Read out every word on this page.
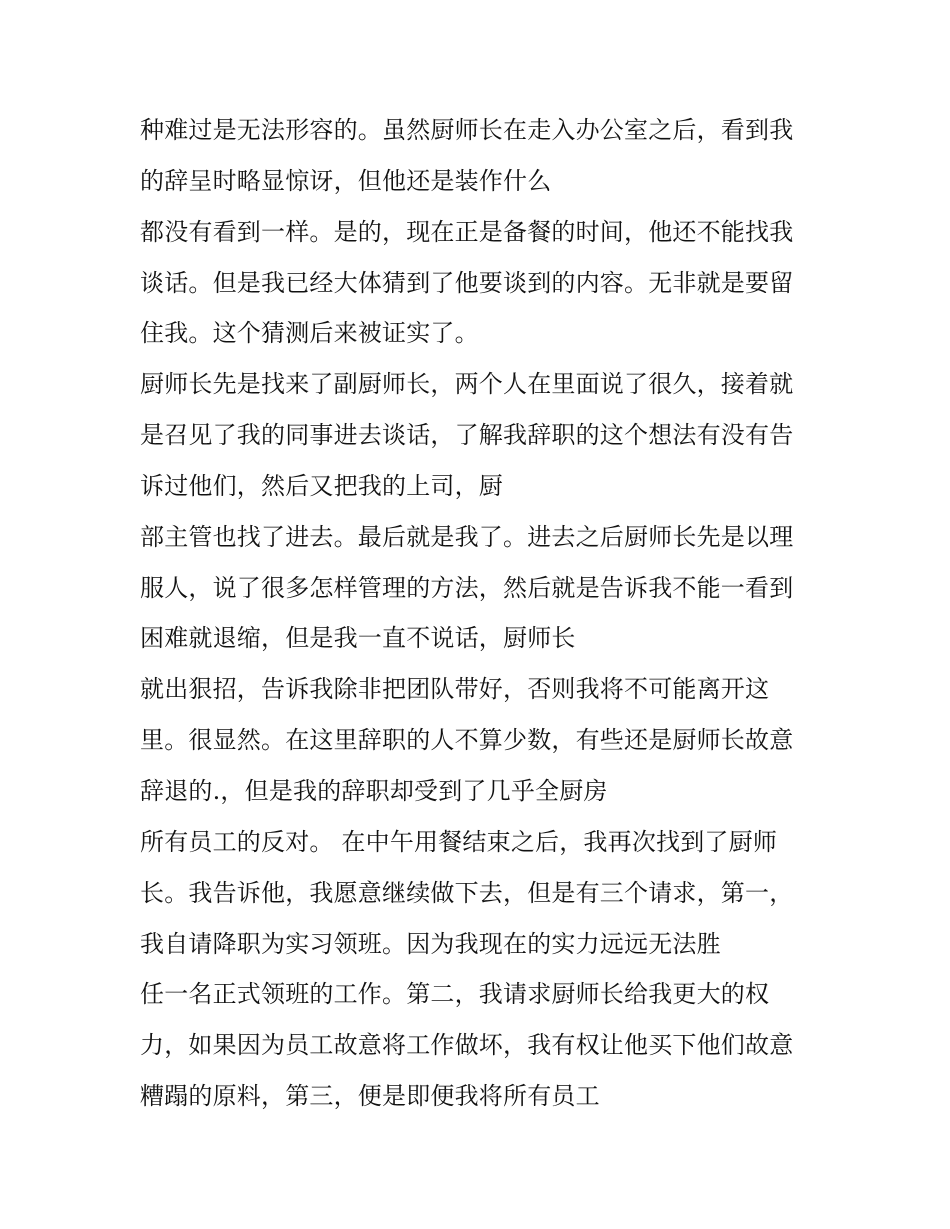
种难过是无法形容的。虽然厨师长在走入办公室之后，看到我
的辞呈时略显惊讶，但他还是装作什么
都没有看到一样。是的，现在正是备餐的时间，他还不能找我
谈话。但是我已经大体猜到了他要谈到的内容。无非就是要留
住我。这个猜测后来被证实了。
厨师长先是找来了副厨师长，两个人在里面说了很久，接着就
是召见了我的同事进去谈话，了解我辞职的这个想法有没有告
诉过他们，然后又把我的上司，厨
部主管也找了进去。最后就是我了。进去之后厨师长先是以理
服人，说了很多怎样管理的方法，然后就是告诉我不能一看到
困难就退缩，但是我一直不说话，厨师长
就出狠招，告诉我除非把团队带好，否则我将不可能离开这
里。很显然。在这里辞职的人不算少数，有些还是厨师长故意
辞退的.，但是我的辞职却受到了几乎全厨房
所有员工的反对。 在中午用餐结束之后，我再次找到了厨师
长。我告诉他，我愿意继续做下去，但是有三个请求，第一，
我自请降职为实习领班。因为我现在的实力远远无法胜
任一名正式领班的工作。第二，我请求厨师长给我更大的权
力，如果因为员工故意将工作做坏，我有权让他买下他们故意
糟蹋的原料，第三，便是即便我将所有员工
